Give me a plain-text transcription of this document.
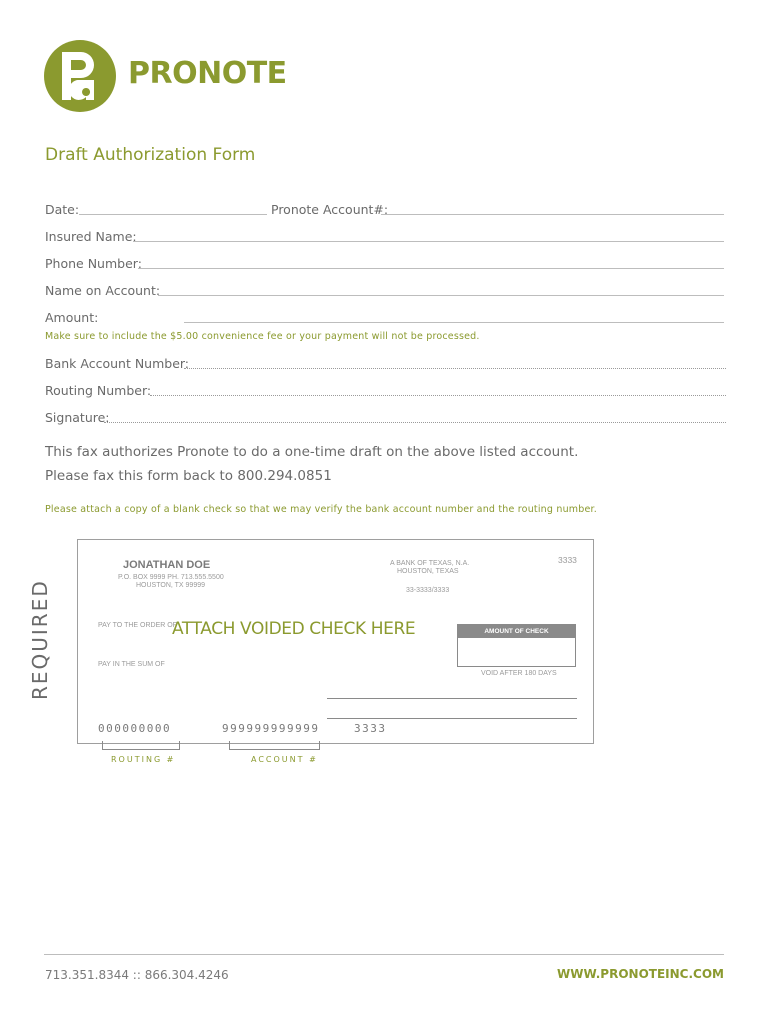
PRONOTE
Draft Authorization Form
Date:	Pronote Account#:
Insured Name:
Phone Number:
Name on Account:
Amount:
Make sure to include the $5.00 convenience fee or your payment will not be processed.
Bank Account Number:
Routing Number:
Signature:
This fax authorizes Pronote to do a one-time draft on the above listed account.
Please fax this form back to 800.294.0851
Please attach a copy of a blank check so that we may verify the bank account number and the routing number.
REQUIRED
JONATHAN DOE
P.O. BOX 9999 PH. 713.555.5500
HOUSTON, TX 99999
A BANK OF TEXAS, N.A.
HOUSTON, TEXAS
33-3333/3333
3333
PAY TO THE ORDER OF
ATTACH VOIDED CHECK HERE	AMOUNT OF CHECK
PAY IN THE SUM OF
VOID AFTER 180 DAYS
000000000	999999999999	3333
ROUTING #	ACCOUNT #
713.351.8344 :: 866.304.4246	WWW.PRONOTEINC.COM
